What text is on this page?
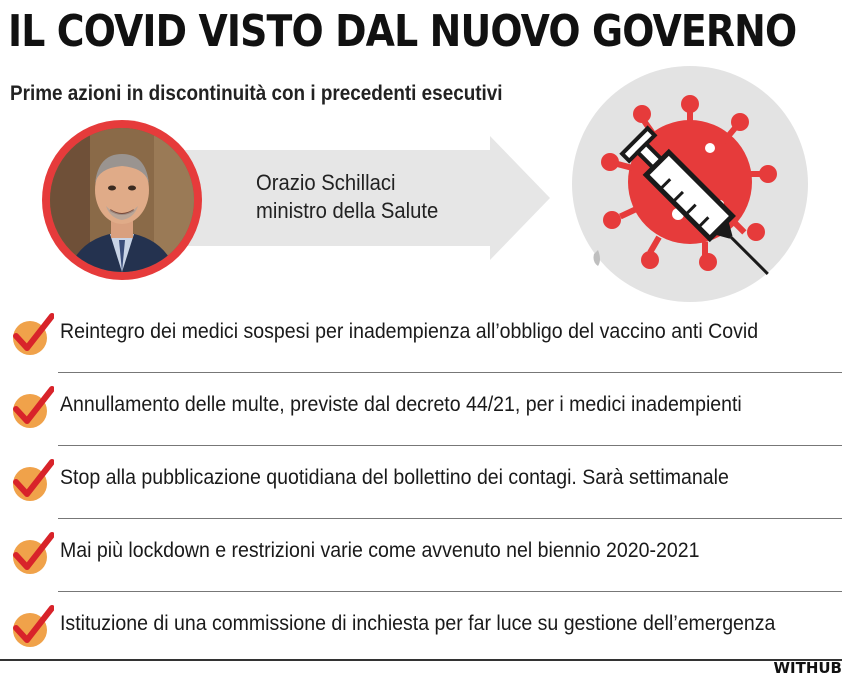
IL COVID VISTO DAL NUOVO GOVERNO
Prime azioni in discontinuità con i precedenti esecutivi
Orazio Schillaci
ministro della Salute
Reintegro dei medici sospesi per inadempienza all’obbligo del vaccino anti Covid
Annullamento delle multe, previste dal decreto 44/21, per i medici inadempienti
Stop alla pubblicazione quotidiana del bollettino dei contagi. Sarà settimanale
Mai più lockdown e restrizioni varie come avvenuto nel biennio 2020-2021
Istituzione di una commissione di inchiesta per far luce su gestione dell’emergenza
WITHUB
